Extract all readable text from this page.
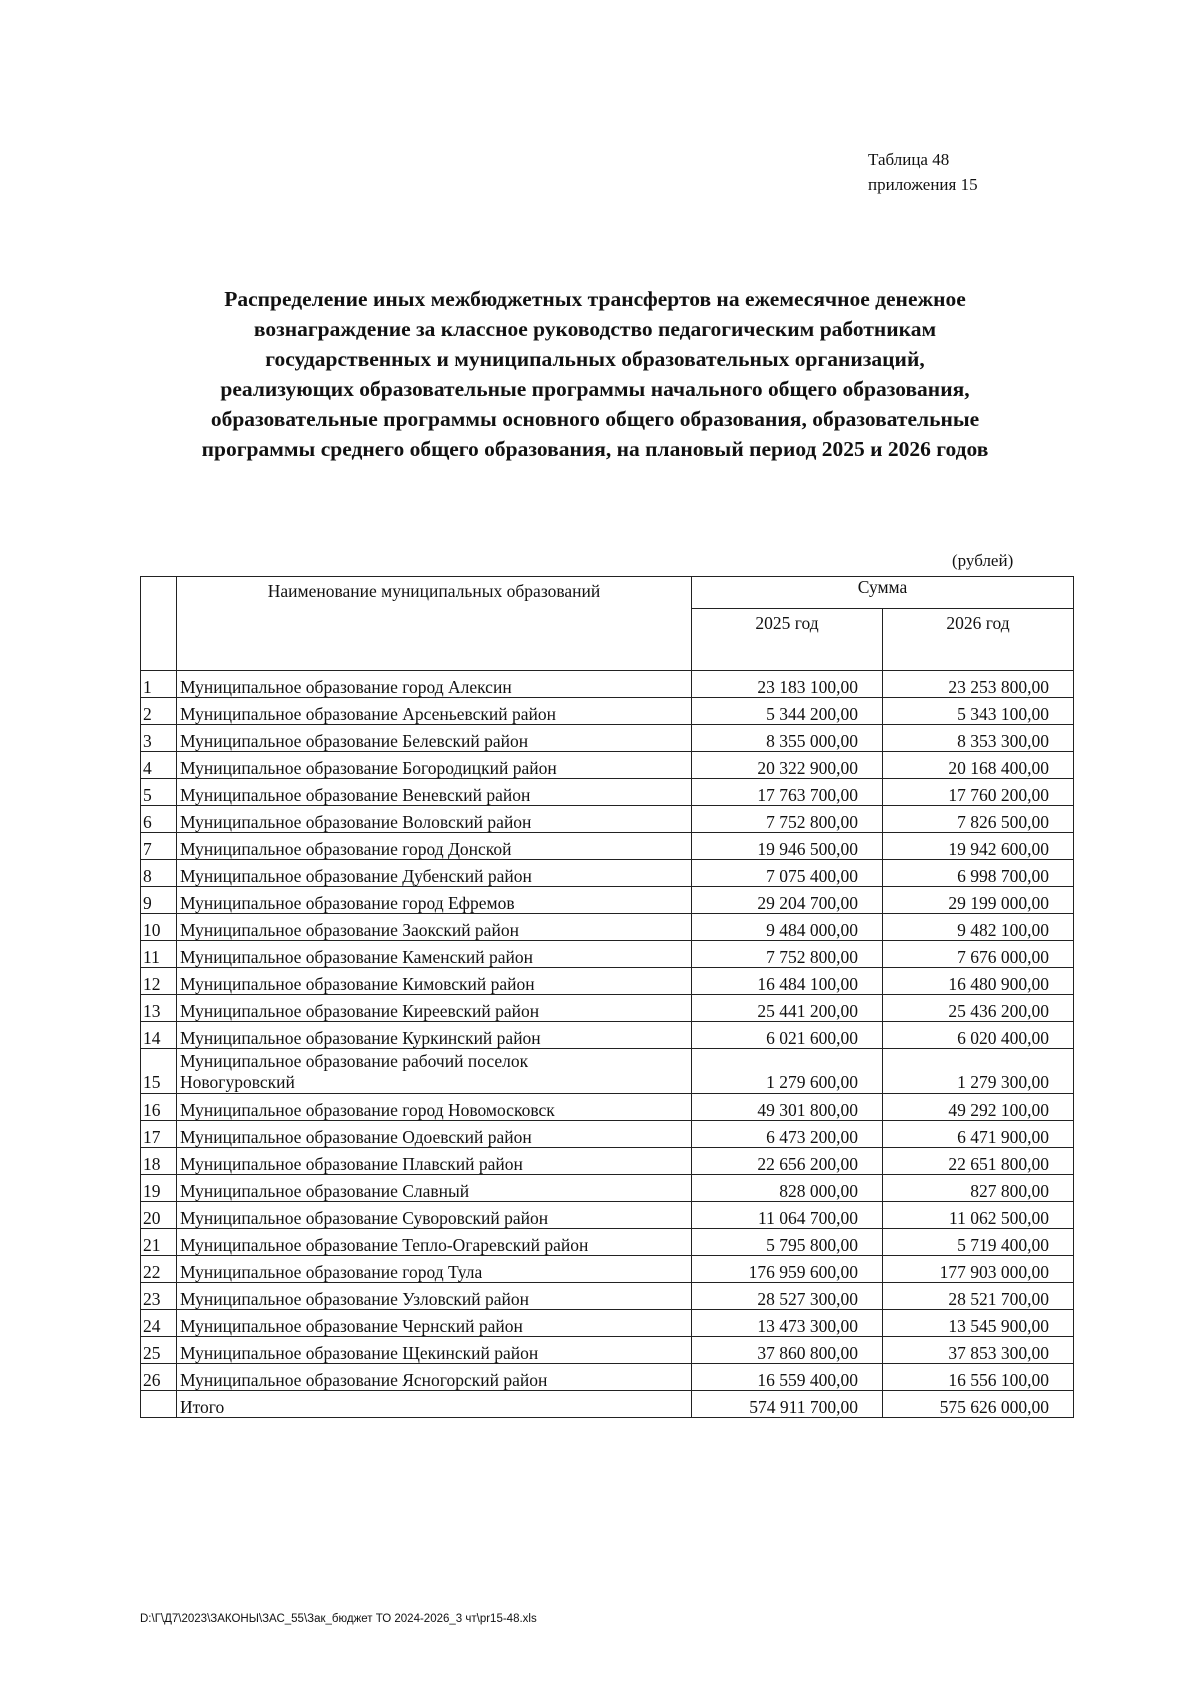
Таблица 48
приложения 15
Распределение иных межбюджетных трансфертов на ежемесячное денежное
вознаграждение за классное руководство педагогическим работникам
государственных и муниципальных образовательных организаций,
реализующих образовательные программы начального общего образования,
образовательные программы основного общего образования, образовательные
программы среднего общего образования, на плановый период 2025 и 2026 годов
(рублей)
	Наименование муниципальных образований	Сумма	
		2025 год	2026 год
1	Муниципальное образование город Алексин	23 183 100,00	23 253 800,00
2	Муниципальное образование Арсеньевский район	5 344 200,00	5 343 100,00
3	Муниципальное образование Белевский район	8 355 000,00	8 353 300,00
4	Муниципальное образование Богородицкий район	20 322 900,00	20 168 400,00
5	Муниципальное образование Веневский район	17 763 700,00	17 760 200,00
6	Муниципальное образование Воловский район	7 752 800,00	7 826 500,00
7	Муниципальное образование город Донской	19 946 500,00	19 942 600,00
8	Муниципальное образование Дубенский район	7 075 400,00	6 998 700,00
9	Муниципальное образование город Ефремов	29 204 700,00	29 199 000,00
10	Муниципальное образование Заокский район	9 484 000,00	9 482 100,00
11	Муниципальное образование Каменский район	7 752 800,00	7 676 000,00
12	Муниципальное образование Кимовский район	16 484 100,00	16 480 900,00
13	Муниципальное образование Киреевский район	25 441 200,00	25 436 200,00
14	Муниципальное образование Куркинский район	6 021 600,00	6 020 400,00
15	Муниципальное образование рабочий поселок
Новогуровский	1 279 600,00	1 279 300,00
16	Муниципальное образование город Новомосковск	49 301 800,00	49 292 100,00
17	Муниципальное образование Одоевский район	6 473 200,00	6 471 900,00
18	Муниципальное образование Плавский район	22 656 200,00	22 651 800,00
19	Муниципальное образование Славный	828 000,00	827 800,00
20	Муниципальное образование Суворовский район	11 064 700,00	11 062 500,00
21	Муниципальное образование Тепло-Огаревский район	5 795 800,00	5 719 400,00
22	Муниципальное образование город Тула	176 959 600,00	177 903 000,00
23	Муниципальное образование Узловский район	28 527 300,00	28 521 700,00
24	Муниципальное образование Чернский район	13 473 300,00	13 545 900,00
25	Муниципальное образование Щекинский район	37 860 800,00	37 853 300,00
26	Муниципальное образование Ясногорский район	16 559 400,00	16 556 100,00
	Итого	574 911 700,00	575 626 000,00
D:\Г\Д7\2023\ЗАКОНЫ\ЗАС_55\Зак_бюджет ТО 2024-2026_3 чт\pr15-48.xls
